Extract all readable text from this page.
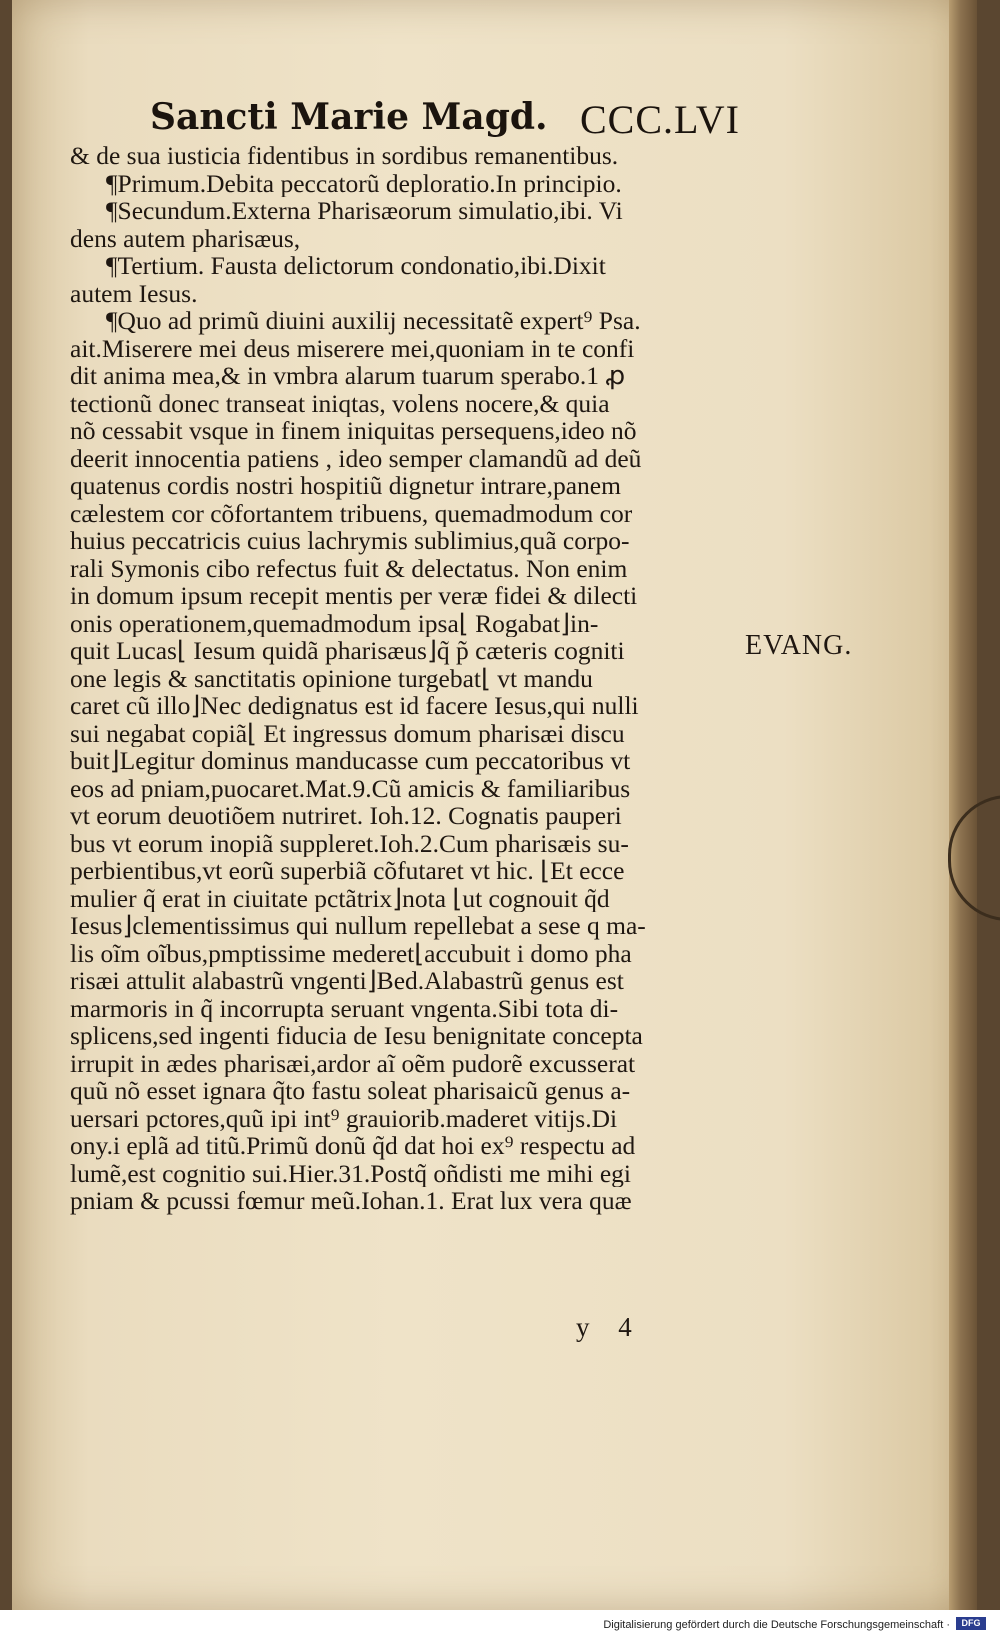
Sancti Marie Magd. CCC.LVI
& de sua iusticia fidentibus in sordibus remanentibus.
¶Primum.Debita peccatorũ deploratio.In principio.
¶Secundum.Externa Pharisæorum simulatio,ibi. Vi
dens autem pharisæus,
¶Tertium. Fausta delictorum condonatio,ibi.Dixit
autem Iesus.
¶Quo ad primũ diuini auxilij necessitatẽ expert⁹ Psa.
ait.Miserere mei deus miserere mei,quoniam in te confi
dit anima mea,& in vmbra alarum tuarum sperabo.1 ꝓ
tectionũ donec transeat iniqtas, volens nocere,& quia
nõ cessabit vsque in finem iniquitas persequens,ideo nõ
deerit innocentia patiens , ideo semper clamandũ ad deũ
quatenus cordis nostri hospitiũ dignetur intrare,panem
cælestem cor cõfortantem tribuens, quemadmodum cor
huius peccatricis cuius lachrymis sublimius,quã corpo-
rali Symonis cibo refectus fuit & delectatus. Non enim
in domum ipsum recepit mentis per veræ fidei & dilecti
onis operationem,quemadmodum ipsa⌊ Rogabat⌋in-
quit Lucas⌊ Iesum quidã pharisæus⌋q̃ p̃ cæteris cogniti
one legis & sanctitatis opinione turgebat⌊ vt mandu
caret cũ illo⌋Nec dedignatus est id facere Iesus,qui nulli
sui negabat copiã⌊ Et ingressus domum pharisæi discu
buit⌋Legitur dominus manducasse cum peccatoribus vt
eos ad pniam,puocaret.Mat.9.Cũ amicis & familiaribus
vt eorum deuotiõem nutriret. Ioh.12. Cognatis pauperi
bus vt eorum inopiã suppleret.Ioh.2.Cum pharisæis su-
perbientibus,vt eorũ superbiã cõfutaret vt hic. ⌊Et ecce
mulier q̃ erat in ciuitate pctãtrix⌋nota ⌊ut cognouit q̃d
Iesus⌋clementissimus qui nullum repellebat a sese q ma-
lis oĩm oĩbus,pmptissime mederet⌊accubuit i domo pha
risæi attulit alabastrũ vngenti⌋Bed.Alabastrũ genus est
marmoris in q̃ incorrupta seruant vngenta.Sibi tota di-
splicens,sed ingenti fiducia de Iesu benignitate concepta
irrupit in ædes pharisæi,ardor aĩ oẽm pudorẽ excusserat
quũ nõ esset ignara q̃to fastu soleat pharisaicũ genus a-
uersari pctores,quũ ipi int⁹ grauiorib.maderet vitijs.Di
ony.i eplã ad titũ.Primũ donũ q̃d dat hoi ex⁹ respectu ad
lumẽ,est cognitio sui.Hier.31.Postq̃ oñdisti me mihi egi
pniam & pcussi fœmur meũ.Iohan.1. Erat lux vera quæ
EVANG.
y 4
Digitalisierung gefördert durch die Deutsche Forschungsgemeinschaft ·	DFG
